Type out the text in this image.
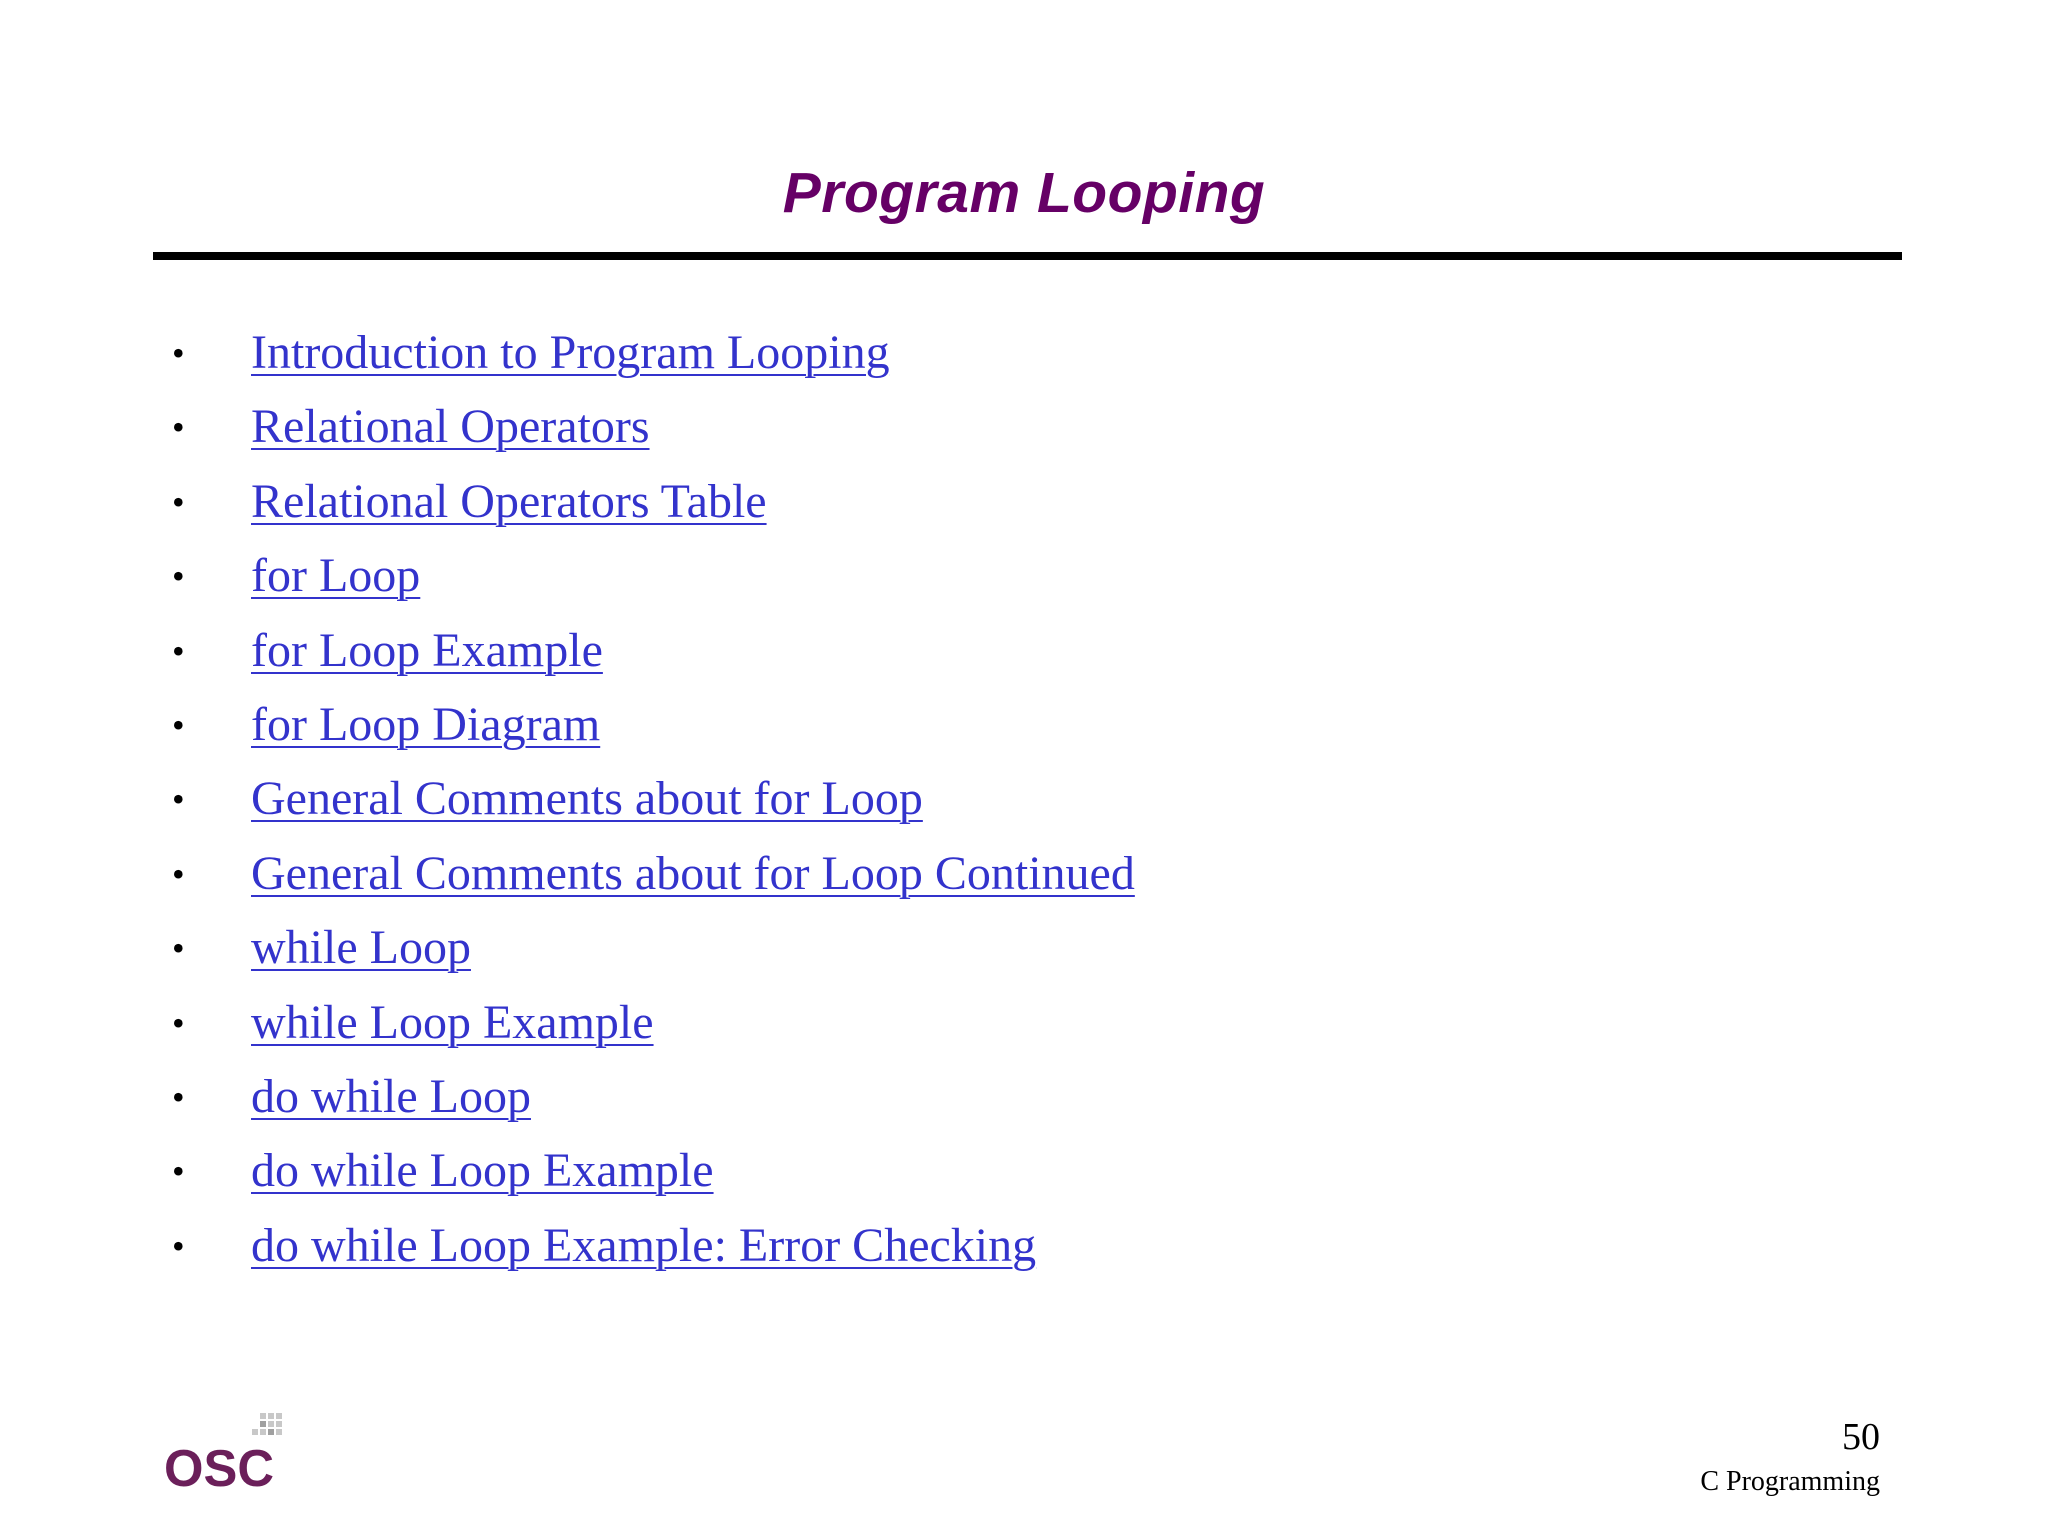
Program Looping
• Introduction to Program Looping
• Relational Operators
• Relational Operators Table
• for Loop
• for Loop Example
• for Loop Diagram
• General Comments about for Loop
• General Comments about for Loop Continued
• while Loop
• while Loop Example
• do while Loop
• do while Loop Example
• do while Loop Example: Error Checking
OSC
50
C Programming
